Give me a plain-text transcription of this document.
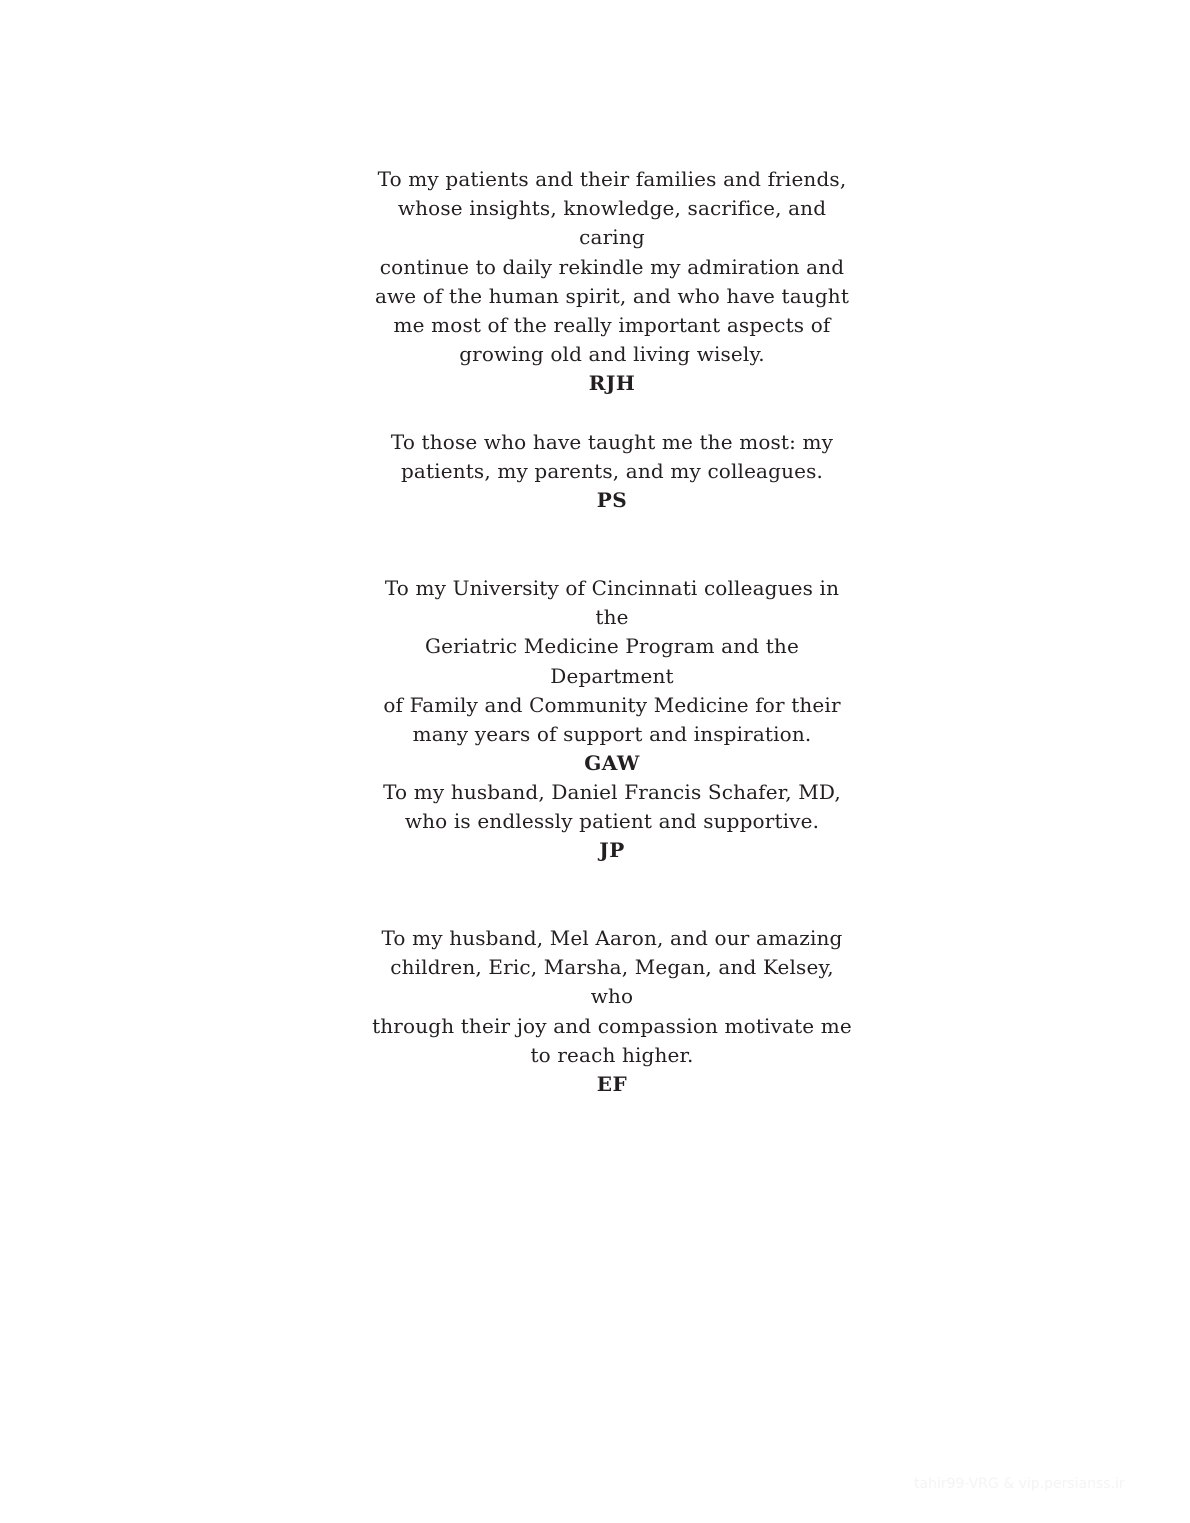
To my patients and their families and friends,
whose insights, knowledge, sacrifice, and caring
continue to daily rekindle my admiration and
awe of the human spirit, and who have taught
me most of the really important aspects of
growing old and living wisely.

RJH

To those who have taught me the most: my
patients, my parents, and my colleagues.

PS

To my University of Cincinnati colleagues in the
Geriatric Medicine Program and the Department
of Family and Community Medicine for their
many years of support and inspiration.

GAW

To my husband, Daniel Francis Schafer, MD,
who is endlessly patient and supportive.

JP

To my husband, Mel Aaron, and our amazing
children, Eric, Marsha, Megan, and Kelsey, who
through their joy and compassion motivate me
to reach higher.

EF

tahir99-VRG & vip.persianss.ir
